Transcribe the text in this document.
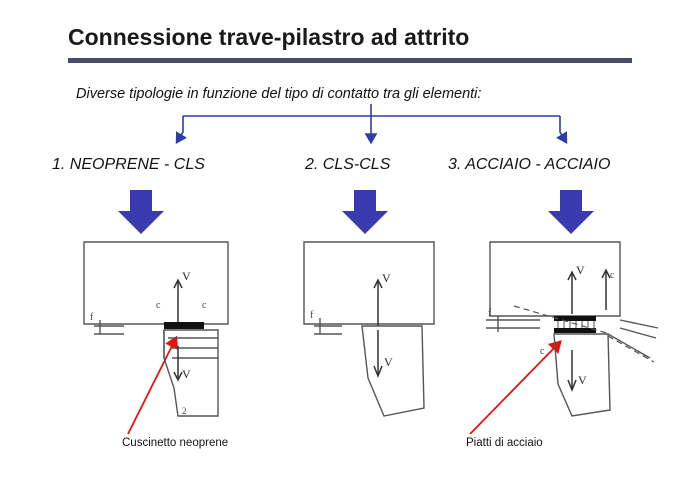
Connessione trave-pilastro ad attrito
Diverse tipologie in funzione del tipo di contatto tra gli elementi:
1. NEOPRENE - CLS	2. CLS-CLS	3. ACCIAIO - ACCIAIO
V
V
c	c
f
2
V
V
f
V
V
c
c
f
Cuscinetto neoprene	Piatti di acciaio
